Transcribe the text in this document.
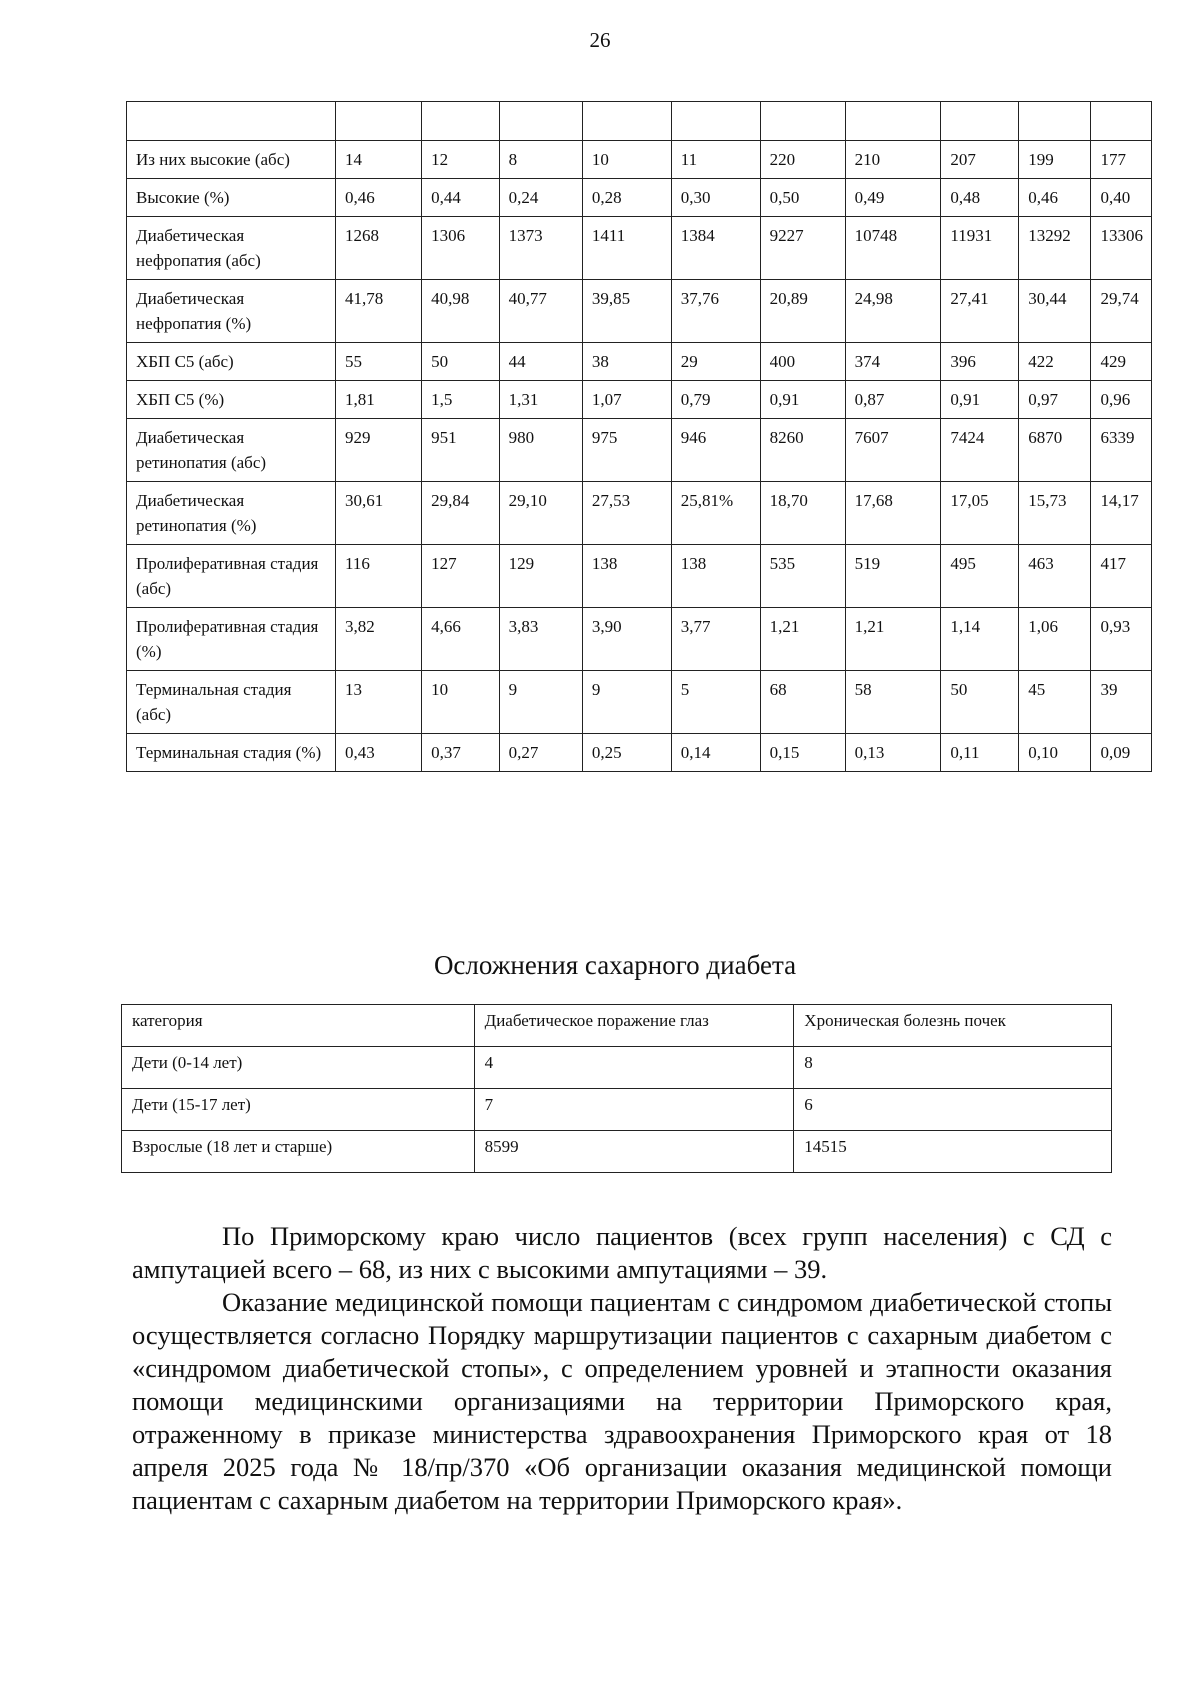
26

Из них высокие (абс)	14	12	8	10	11	220	210	207	199	177
Высокие (%)	0,46	0,44	0,24	0,28	0,30	0,50	0,49	0,48	0,46	0,40
Диабетическая нефропатия (абс)	1268	1306	1373	1411	1384	9227	10748	11931	13292	13306
Диабетическая нефропатия (%)	41,78	40,98	40,77	39,85	37,76	20,89	24,98	27,41	30,44	29,74
ХБП С5 (абс)	55	50	44	38	29	400	374	396	422	429
ХБП С5 (%)	1,81	1,5	1,31	1,07	0,79	0,91	0,87	0,91	0,97	0,96
Диабетическая ретинопатия (абс)	929	951	980	975	946	8260	7607	7424	6870	6339
Диабетическая ретинопатия (%)	30,61	29,84	29,10	27,53	25,81%	18,70	17,68	17,05	15,73	14,17
Пролиферативная стадия (абс)	116	127	129	138	138	535	519	495	463	417
Пролиферативная стадия (%)	3,82	4,66	3,83	3,90	3,77	1,21	1,21	1,14	1,06	0,93
Терминальная стадия (абс)	13	10	9	9	5	68	58	50	45	39
Терминальная стадия (%)	0,43	0,37	0,27	0,25	0,14	0,15	0,13	0,11	0,10	0,09
Осложнения сахарного диабета
категория	Диабетическое поражение глаз	Хроническая болезнь почек
Дети (0-14 лет)	4	8
Дети (15-17 лет)	7	6
Взрослые (18 лет и старше)	8599	14515

По Приморскому краю число пациентов (всех групп населения) с СД с ампутацией всего – 68, из них с высокими ампутациями – 39.

Оказание медицинской помощи пациентам с синдромом диабетической стопы осуществляется согласно Порядку маршрутизации пациентов с сахарным диабетом с «синдромом диабетической стопы», с определением уровней и этапности оказания помощи медицинскими организациями на территории Приморского края, отраженному в приказе министерства здравоохранения Приморского края от 18 апреля 2025 года № 18/пр/370 «Об организации оказания медицинской помощи пациентам с сахарным диабетом на территории Приморского края».
